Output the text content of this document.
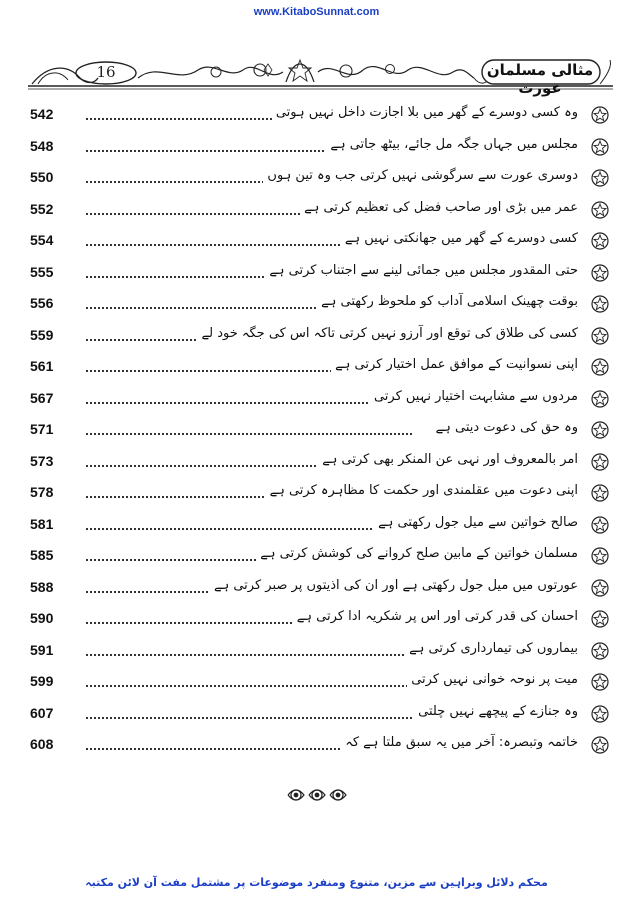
www.KitaboSunnat.com
16	مثالی مسلمان عورت
542	وہ کسی دوسرے کے گھر میں بلا اجازت داخل نہیں ہوتی
548	مجلس میں جہاں جگہ مل جائے، بیٹھ جاتی ہے
550	دوسری عورت سے سرگوشی نہیں کرتی جب وہ تین ہوں
552	عمر میں بڑی اور صاحب فضل کی تعظیم کرتی ہے
554	کسی دوسرے کے گھر میں جھانکتی نہیں ہے
555	حتی المقدور مجلس میں جمائی لینے سے اجتناب کرتی ہے
556	بوقت چھینک اسلامی آداب کو ملحوظ رکھتی ہے
559	کسی کی طلاق کی توقع اور آرزو نہیں کرتی تاکہ اس کی جگہ خود لے
561	اپنی نسوانیت کے موافق عمل اختیار کرتی ہے
567	مردوں سے مشابہت اختیار نہیں کرتی
571	وہ حق کی دعوت دیتی ہے
573	امر بالمعروف اور نہی عن المنکر بھی کرتی ہے
578	اپنی دعوت میں عقلمندی اور حکمت کا مظاہرہ کرتی ہے
581	صالح خواتین سے میل جول رکھتی ہے
585	مسلمان خواتین کے مابین صلح کروانے کی کوشش کرتی ہے
588	عورتوں میں میل جول رکھتی ہے اور ان کی اذیتوں پر صبر کرتی ہے
590	احسان کی قدر کرتی اور اس پر شکریہ ادا کرتی ہے
591	بیماروں کی تیمارداری کرتی ہے
599	میت پر نوحہ خوانی نہیں کرتی
607	وہ جنازے کے پیچھے نہیں چلتی
608	خاتمہ وتبصرہ: آخر میں یہ سبق ملتا ہے کہ
محکم دلائل وبراہین سے مزین، متنوع ومنفرد موضوعات پر مشتمل مفت آن لائن مکتبہ
